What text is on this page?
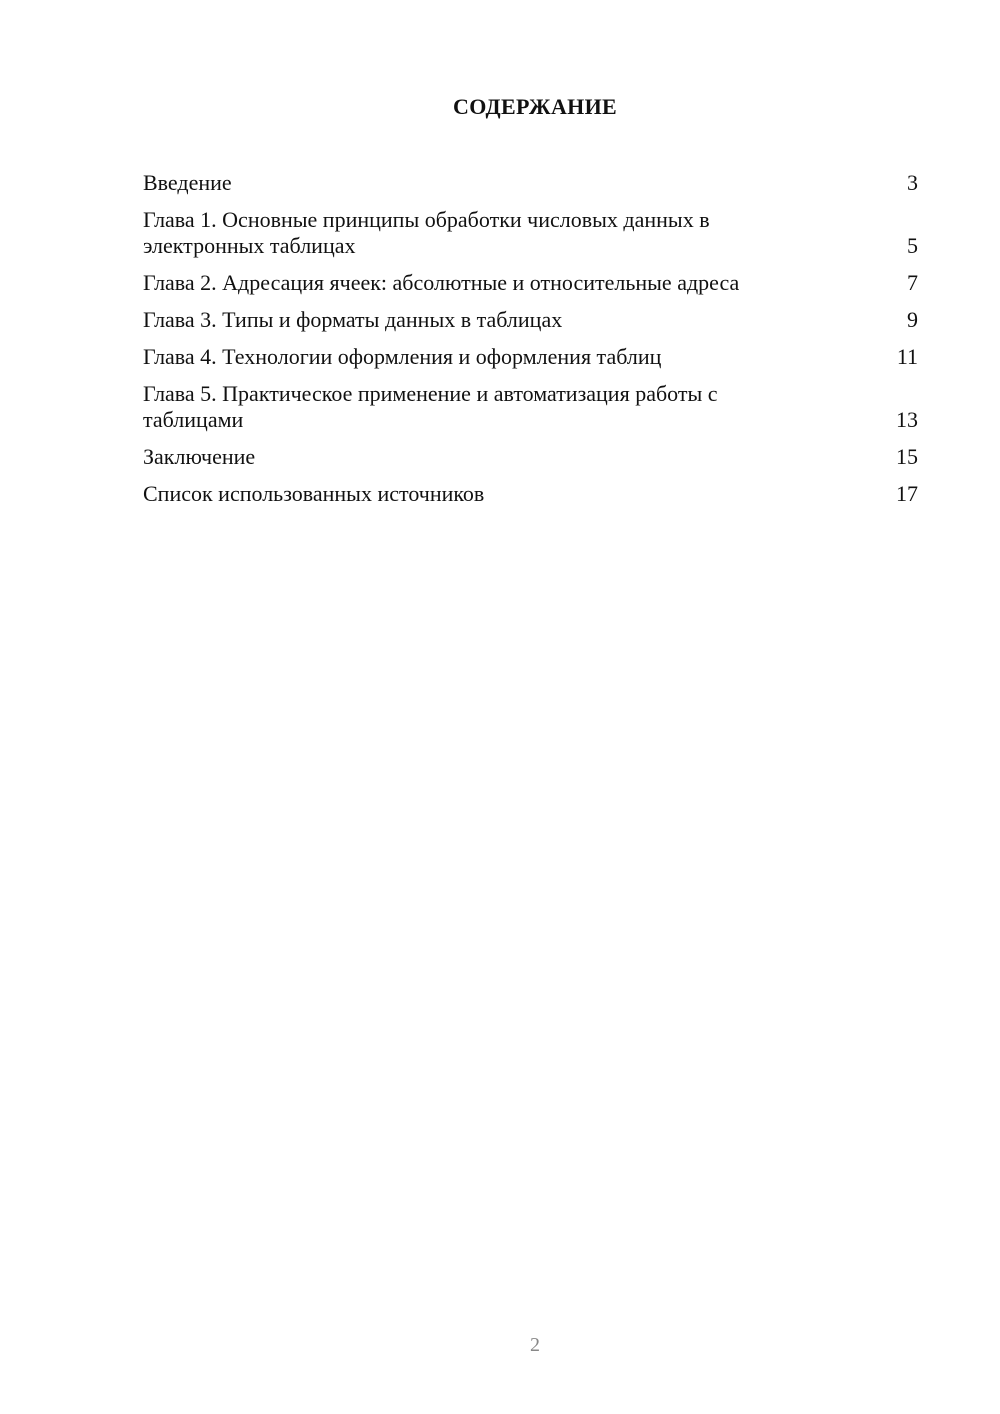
СОДЕРЖАНИЕ
Введение	3
Глава 1. Основные принципы обработки числовых данных в электронных таблицах	5
Глава 2. Адресация ячеек: абсолютные и относительные адреса	7
Глава 3. Типы и форматы данных в таблицах	9
Глава 4. Технологии оформления и оформления таблиц	11
Глава 5. Практическое применение и автоматизация работы с таблицами	13
Заключение	15
Список использованных источников	17
2
